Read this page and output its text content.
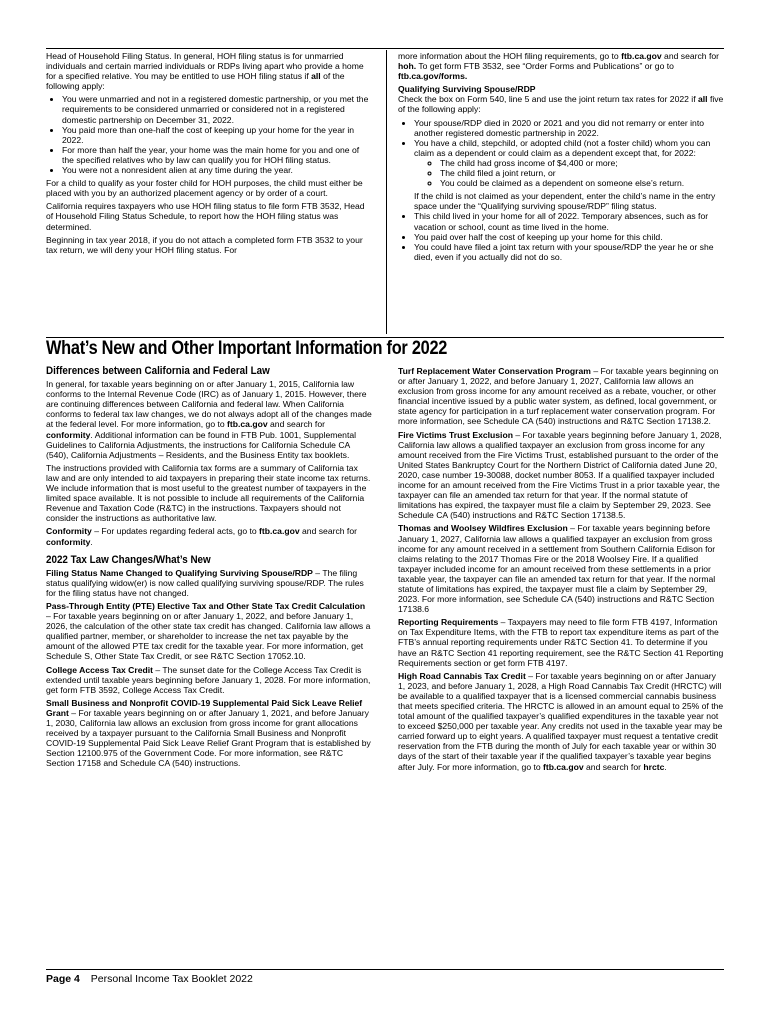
Head of Household Filing Status. In general, HOH filing status is for unmarried individuals and certain married individuals or RDPs living apart who provide a home for a specified relative. You may be entitled to use HOH filing status if all of the following apply:

• You were unmarried and not in a registered domestic partnership, or you met the requirements to be considered unmarried or considered not in a registered domestic partnership on December 31, 2022.
• You paid more than one-half the cost of keeping up your home for the year in 2022.
• For more than half the year, your home was the main home for you and one of the specified relatives who by law can qualify you for HOH filing status.
• You were not a nonresident alien at any time during the year.

For a child to qualify as your foster child for HOH purposes, the child must either be placed with you by an authorized placement agency or by order of a court.

California requires taxpayers who use HOH filing status to file form FTB 3532, Head of Household Filing Status Schedule, to report how the HOH filing status was determined.

Beginning in tax year 2018, if you do not attach a completed form FTB 3532 to your tax return, we will deny your HOH filing status. For

more information about the HOH filing requirements, go to ftb.ca.gov and search for hoh. To get form FTB 3532, see “Order Forms and Publications” or go to ftb.ca.gov/forms.

Qualifying Surviving Spouse/RDP

Check the box on Form 540, line 5 and use the joint return tax rates for 2022 if all five of the following apply:

• Your spouse/RDP died in 2020 or 2021 and you did not remarry or enter into another registered domestic partnership in 2022.
• You have a child, stepchild, or adopted child (not a foster child) whom you can claim as a dependent or could claim as a dependent except that, for 2022:
◦ The child had gross income of $4,400 or more;
◦ The child filed a joint return, or
◦ You could be claimed as a dependent on someone else’s return.
If the child is not claimed as your dependent, enter the child’s name in the entry space under the “Qualifying surviving spouse/RDP” filing status.
• This child lived in your home for all of 2022. Temporary absences, such as for vacation or school, count as time lived in the home.
• You paid over half the cost of keeping up your home for this child.
• You could have filed a joint tax return with your spouse/RDP the year he or she died, even if you actually did not do so.
What’s New and Other Important Information for 2022
Differences between California and Federal Law

In general, for taxable years beginning on or after January 1, 2015, California law conforms to the Internal Revenue Code (IRC) as of January 1, 2015. However, there are continuing differences between California and federal law. When California conforms to federal tax law changes, we do not always adopt all of the changes made at the federal level. For more information, go to ftb.ca.gov and search for conformity. Additional information can be found in FTB Pub. 1001, Supplemental Guidelines to California Adjustments, the instructions for California Schedule CA (540), California Adjustments – Residents, and the Business Entity tax booklets.

The instructions provided with California tax forms are a summary of California tax law and are only intended to aid taxpayers in preparing their state income tax returns. We include information that is most useful to the greatest number of taxpayers in the limited space available. It is not possible to include all requirements of the California Revenue and Taxation Code (R&TC) in the instructions. Taxpayers should not consider the instructions as authoritative law.

Conformity – For updates regarding federal acts, go to ftb.ca.gov and search for conformity.

2022 Tax Law Changes/What’s New

Filing Status Name Changed to Qualifying Surviving Spouse/RDP – The filing status qualifying widow(er) is now called qualifying surviving spouse/RDP. The rules for the filing status have not changed.

Pass-Through Entity (PTE) Elective Tax and Other State Tax Credit Calculation – For taxable years beginning on or after January 1, 2022, and before January 1, 2026, the calculation of the other state tax credit has changed. California law allows a qualified partner, member, or shareholder to increase the net tax payable by the amount of the allowed PTE tax credit for the taxable year. For more information, get Schedule S, Other State Tax Credit, or see R&TC Section 17052.10.

College Access Tax Credit – The sunset date for the College Access Tax Credit is extended until taxable years beginning before January 1, 2028. For more information, get form FTB 3592, College Access Tax Credit.

Small Business and Nonprofit COVID-19 Supplemental Paid Sick Leave Relief Grant – For taxable years beginning on or after January 1, 2021, and before January 1, 2030, California law allows an exclusion from gross income for grant allocations received by a taxpayer pursuant to the California Small Business and Nonprofit COVID-19 Supplemental Paid Sick Leave Relief Grant Program that is established by Section 12100.975 of the Government Code. For more information, see R&TC Section 17158 and Schedule CA (540) instructions.

Turf Replacement Water Conservation Program – For taxable years beginning on or after January 1, 2022, and before January 1, 2027, California law allows an exclusion from gross income for any amount received as a rebate, voucher, or other financial incentive issued by a public water system, as defined, local government, or state agency for participation in a turf replacement water conservation program. For more information, see Schedule CA (540) instructions and R&TC Section 17138.2.

Fire Victims Trust Exclusion – For taxable years beginning before January 1, 2028, California law allows a qualified taxpayer an exclusion from gross income for any amount received from the Fire Victims Trust, established pursuant to the order of the United States Bankruptcy Court for the Northern District of California dated June 20, 2020, case number 19-30088, docket number 8053. If a qualified taxpayer included income for an amount received from the Fire Victims Trust in a prior taxable year, the taxpayer can file an amended tax return for that year. If the normal statute of limitations has expired, the taxpayer must file a claim by September 29, 2023. See Schedule CA (540) instructions and R&TC Section 17138.5.

Thomas and Woolsey Wildfires Exclusion – For taxable years beginning before January 1, 2027, California law allows a qualified taxpayer an exclusion from gross income for any amount received in a settlement from Southern California Edison for claims relating to the 2017 Thomas Fire or the 2018 Woolsey Fire. If a qualified taxpayer included income for an amount received from these settlements in a prior taxable year, the taxpayer can file an amended tax return for that year. If the normal statute of limitations has expired, the taxpayer must file a claim by September 29, 2023. For more information, see Schedule CA (540) instructions and R&TC Section 17138.6

Reporting Requirements – Taxpayers may need to file form FTB 4197, Information on Tax Expenditure Items, with the FTB to report tax expenditure items as part of the FTB’s annual reporting requirements under R&TC Section 41. To determine if you have an R&TC Section 41 reporting requirement, see the R&TC Section 41 Reporting Requirements section or get form FTB 4197.

High Road Cannabis Tax Credit – For taxable years beginning on or after January 1, 2023, and before January 1, 2028, a High Road Cannabis Tax Credit (HRCTC) will be available to a qualified taxpayer that is a licensed commercial cannabis business that meets specified criteria. The HRCTC is allowed in an amount equal to 25% of the total amount of the qualified taxpayer’s qualified expenditures in the taxable year not to exceed $250,000 per taxable year. Any credits not used in the taxable year may be carried forward up to eight years. A qualified taxpayer must request a tentative credit reservation from the FTB during the month of July for each taxable year or within 30 days of the start of their taxable year if the qualified taxpayer’s taxable year begins after July. For more information, go to ftb.ca.gov and search for hrctc.

Page 4 Personal Income Tax Booklet 2022
